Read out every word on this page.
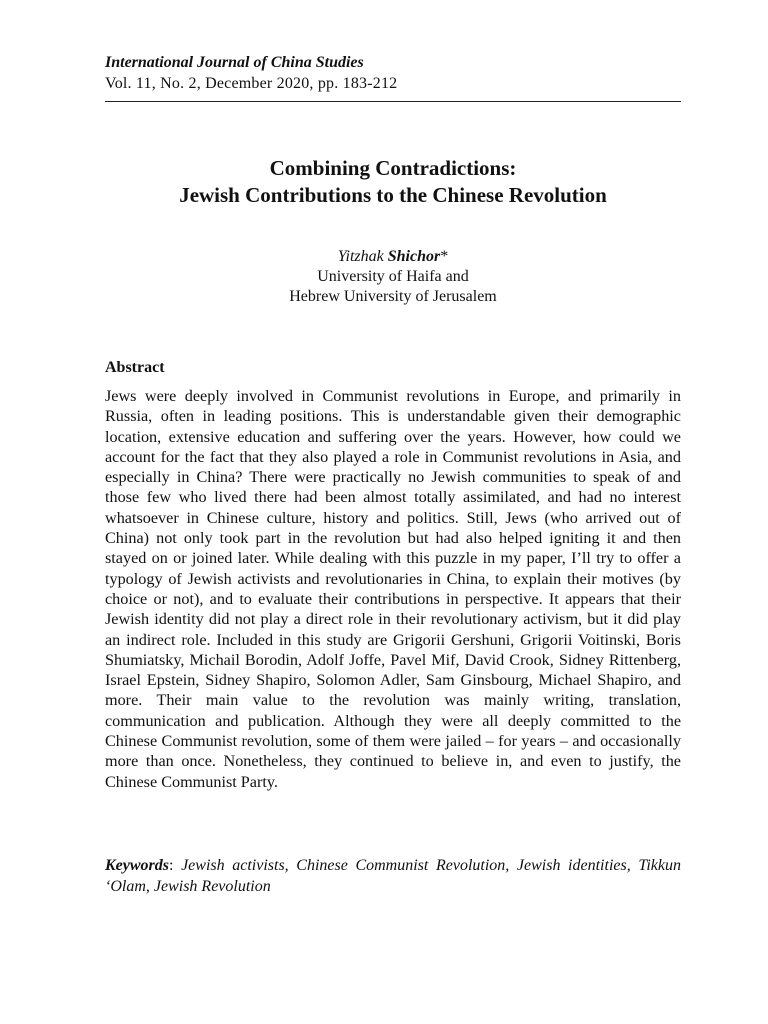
International Journal of China Studies

Vol. 11, No. 2, December 2020, pp. 183-212

Combining Contradictions:

Jewish Contributions to the Chinese Revolution

Yitzhak Shichor*

University of Haifa and

Hebrew University of Jerusalem

Abstract

Jews were deeply involved in Communist revolutions in Europe, and primarily in Russia, often in leading positions. This is understandable given their demographic location, extensive education and suffering over the years. However, how could we account for the fact that they also played a role in Communist revolutions in Asia, and especially in China? There were practically no Jewish communities to speak of and those few who lived there had been almost totally assimilated, and had no interest whatsoever in Chinese culture, history and politics. Still, Jews (who arrived out of China) not only took part in the revolution but had also helped igniting it and then stayed on or joined later. While dealing with this puzzle in my paper, I’ll try to offer a typology of Jewish activists and revolutionaries in China, to explain their motives (by choice or not), and to evaluate their contributions in perspective. It appears that their Jewish identity did not play a direct role in their revolutionary activism, but it did play an indirect role. Included in this study are Grigorii Gershuni, Grigorii Voitinski, Boris Shumiatsky, Michail Borodin, Adolf Joffe, Pavel Mif, David Crook, Sidney Rittenberg, Israel Epstein, Sidney Shapiro, Solomon Adler, Sam Ginsbourg, Michael Shapiro, and more. Their main value to the revolution was mainly writing, translation, communication and publication. Although they were all deeply committed to the Chinese Communist revolution, some of them were jailed – for years – and occasionally more than once. Nonetheless, they continued to believe in, and even to justify, the Chinese Communist Party.

Keywords: Jewish activists, Chinese Communist Revolution, Jewish identities, Tikkun ‘Olam, Jewish Revolution
